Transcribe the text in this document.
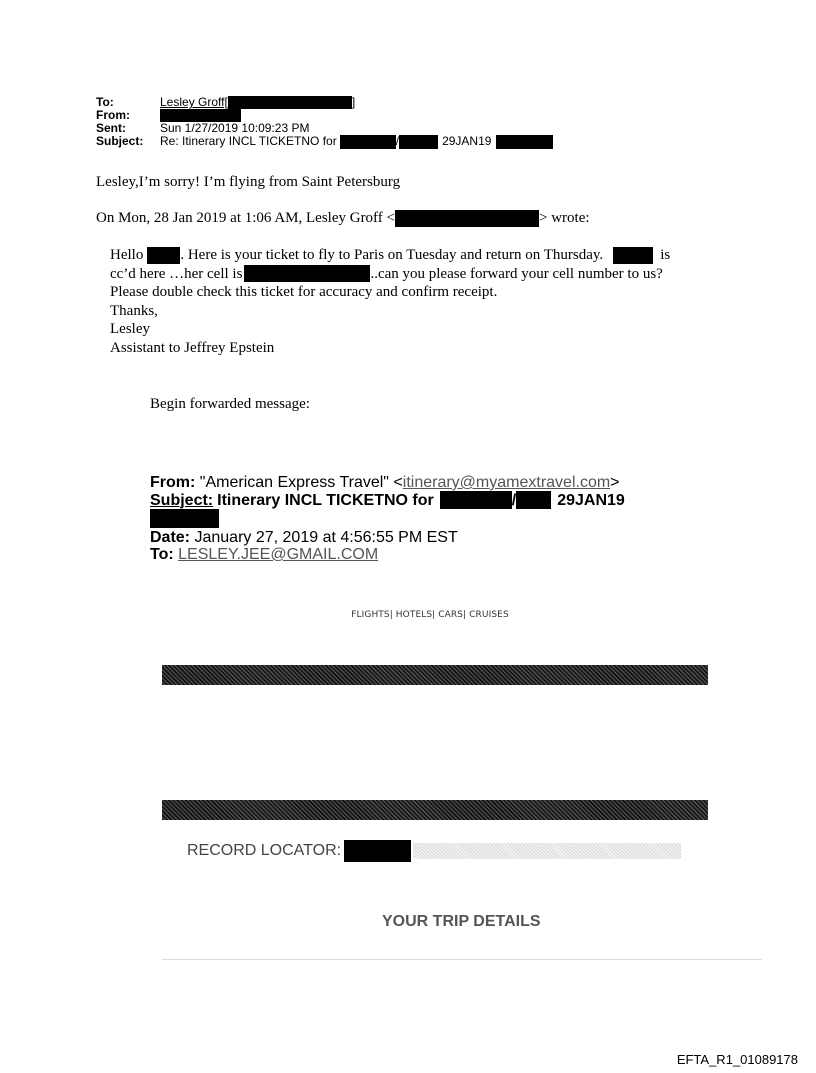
To:	Lesley Groff[	]
From:
Sent:	Sun 1/27/2019 10:09:23 PM
Subject:	Re: Itinerary INCL TICKETNO for	/	29JAN19
Lesley,I’m sorry! I’m flying from Saint Petersburg
On Mon, 28 Jan 2019 at 1:06 AM, Lesley Groff <	> wrote:
Hello . Here is your ticket to fly to Paris on Tuesday and return on Thursday.	is
cc’d here …her cell is	..can you please forward your cell number to us?
Please double check this ticket for accuracy and confirm receipt.
Thanks,
Lesley
Assistant to Jeffrey Epstein
Begin forwarded message:
From: "American Express Travel" <itinerary@myamextravel.com>
Subject: Itinerary INCL TICKETNO for	/	29JAN19
Date: January 27, 2019 at 4:56:55 PM EST
To: LESLEY.JEE@GMAIL.COM
FLIGHTS| HOTELS| CARS| CRUISES
RECORD LOCATOR:
YOUR TRIP DETAILS
EFTA_R1_01089178
